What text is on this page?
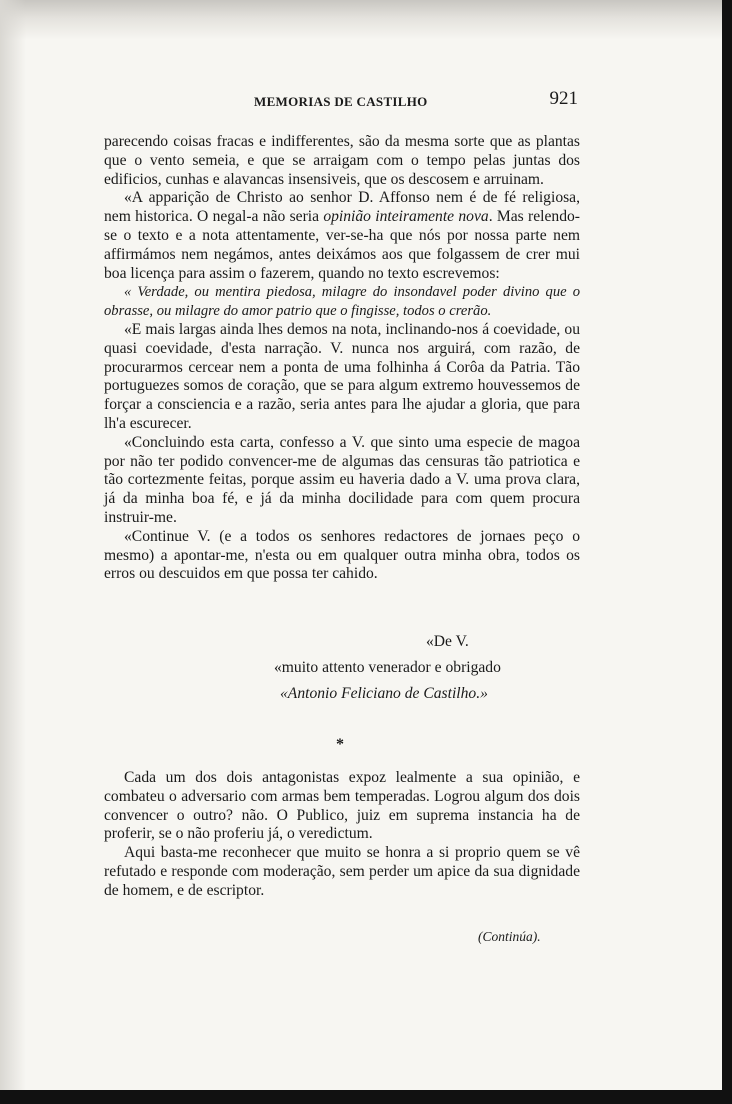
MEMORIAS DE CASTILHO	921

parecendo coisas fracas e indifferentes, são da mesma sorte que as plantas que o vento semeia, e que se arraigam com o tempo pelas juntas dos edificios, cunhas e alavancas insensiveis, que os descosem e arruinam.

«A apparição de Christo ao senhor D. Affonso nem é de fé religiosa, nem historica. O negal-a não seria opinião inteiramente nova. Mas relendo-se o texto e a nota attentamente, ver-se-ha que nós por nossa parte nem affirmámos nem negámos, antes deixámos aos que folgassem de crer mui boa licença para assim o fazerem, quando no texto escrevemos:

« Verdade, ou mentira piedosa, milagre do insondavel poder divino que o obrasse, ou milagre do amor patrio que o fingisse, todos o crerão.

«E mais largas ainda lhes demos na nota, inclinando-nos á coevidade, ou quasi coevidade, d'esta narração. V. nunca nos arguirá, com razão, de procurarmos cercear nem a ponta de uma folhinha á Corôa da Patria. Tão portuguezes somos de coração, que se para algum extremo houvessemos de forçar a consciencia e a razão, seria antes para lhe ajudar a gloria, que para lh'a escurecer.

«Concluindo esta carta, confesso a V. que sinto uma especie de magoa por não ter podido convencer-me de algumas das censuras tão patriotica e tão cortezmente feitas, porque assim eu haveria dado a V. uma prova clara, já da minha boa fé, e já da minha docilidade para com quem procura instruir-me.

«Continue V. (e a todos os senhores redactores de jornaes peço o mesmo) a apontar-me, n'esta ou em qualquer outra minha obra, todos os erros ou descuidos em que possa ter cahido.

«De V.
«muito attento venerador e obrigado
«Antonio Feliciano de Castilho.»
*

Cada um dos dois antagonistas expoz lealmente a sua opinião, e combateu o adversario com armas bem temperadas. Logrou algum dos dois convencer o outro? não. O Publico, juiz em suprema instancia ha de proferir, se o não proferiu já, o veredictum.

Aqui basta-me reconhecer que muito se honra a si proprio quem se vê refutado e responde com moderação, sem perder um apice da sua dignidade de homem, e de escriptor.

(Continúa).
